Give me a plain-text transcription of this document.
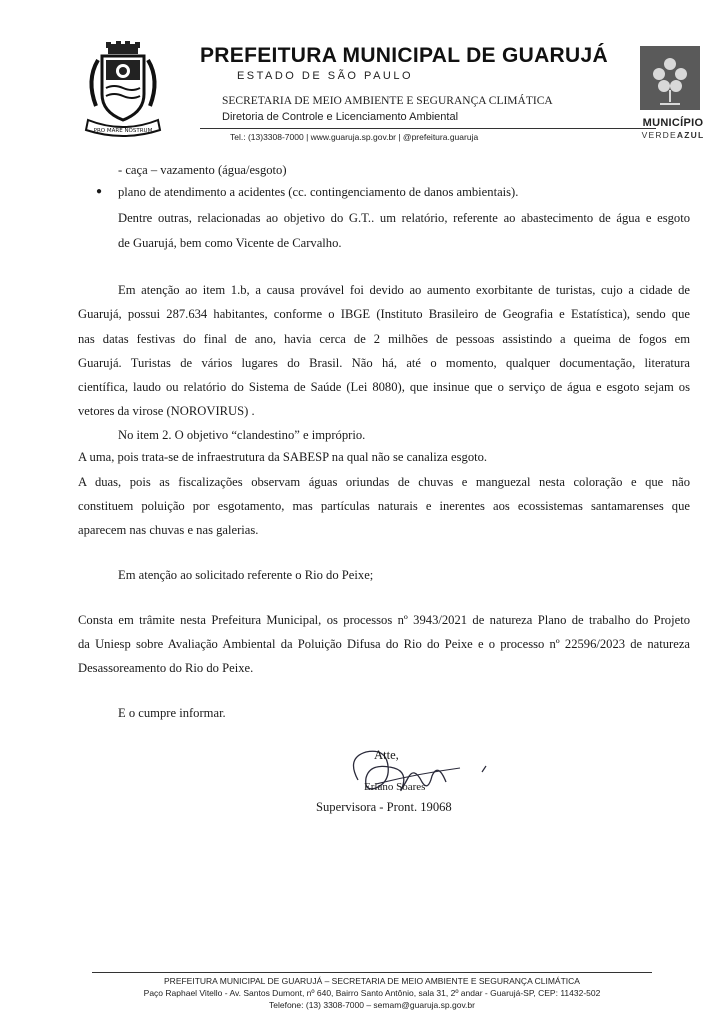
PRO MARE NOSTRUM
PREFEITURA MUNICIPAL DE GUARUJÁ
ESTADO DE SÃO PAULO
SECRETARIA DE MEIO AMBIENTE E SEGURANÇA CLIMÁTICA
Diretoria de Controle e Licenciamento Ambiental
Tel.: (13)3308-7000 | www.guaruja.sp.gov.br | @prefeitura.guaruja
MUNICÍPIO
VERDEAZUL
- caça – vazamento (água/esgoto)
● plano de atendimento a acidentes (cc. contingenciamento de danos ambientais).
Dentre outras, relacionadas ao objetivo do G.T.. um relatório, referente ao abastecimento de água e esgoto
de Guarujá, bem como Vicente de Carvalho.
Em atenção ao item 1.b, a causa provável foi devido ao aumento exorbitante de turistas, cujo a cidade de
Guarujá, possui 287.634 habitantes, conforme o IBGE (Instituto Brasileiro de Geografia e Estatística), sendo que
nas datas festivas do final de ano, havia cerca de 2 milhões de pessoas assistindo a queima de fogos em
Guarujá. Turistas de vários lugares do Brasil. Não há, até o momento, qualquer documentação, literatura
científica, laudo ou relatório do Sistema de Saúde (Lei 8080), que insinue que o serviço de água e esgoto sejam os
vetores da virose (NOROVIRUS) .
No item 2. O objetivo “clandestino” e impróprio.
A uma, pois trata-se de infraestrutura da SABESP na qual não se canaliza esgoto.
A duas, pois as fiscalizações observam águas oriundas de chuvas e manguezal nesta coloração e que não
constituem poluição por esgotamento, mas partículas naturais e inerentes aos ecossistemas santamarenses que
aparecem nas chuvas e nas galerias.
Em atenção ao solicitado referente o Rio do Peixe;
Consta em trâmite nesta Prefeitura Municipal, os processos nº 3943/2021 de natureza Plano de trabalho do Projeto
da Uniesp sobre Avaliação Ambiental da Poluição Difusa do Rio do Peixe e o processo nº 22596/2023 de natureza
Desassoreamento do Rio do Peixe.
E o cumpre informar.
Atte,
Erlano Soares
Supervisora - Pront. 19068
PREFEITURA MUNICIPAL DE GUARUJÁ – SECRETARIA DE MEIO AMBIENTE E SEGURANÇA CLIMÁTICA
Paço Raphael Vitello - Av. Santos Dumont, nº 640, Bairro Santo Antônio, sala 31, 2º andar - Guarujá-SP, CEP: 11432-502
Telefone: (13) 3308-7000 – semam@guaruja.sp.gov.br
